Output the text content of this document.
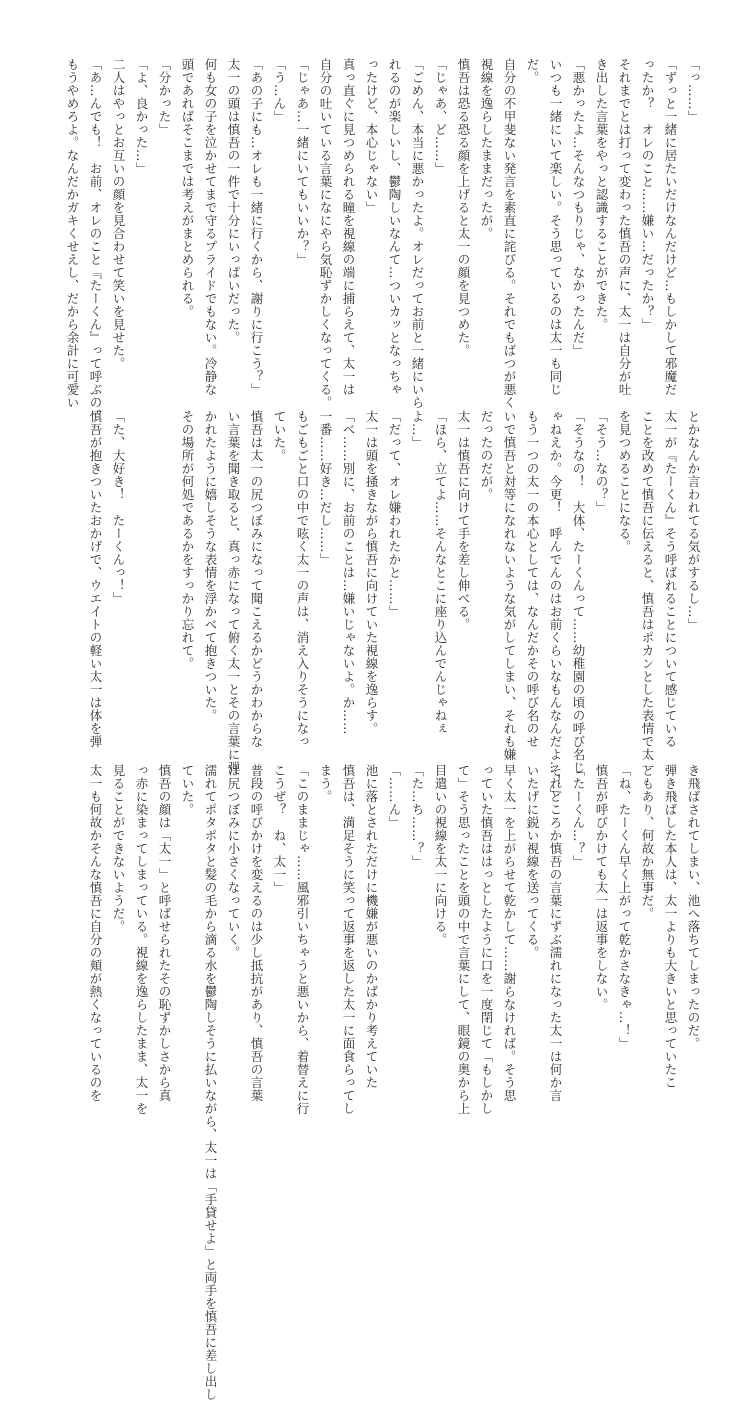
「っ……」
「ずっと一緒に居たいだけなんだけど…もしかして邪魔だ
ったか？　オレのこと……嫌い…だったか？」
それまでとは打って変わった慎吾の声に、太一は自分が吐
き出した言葉をやっと認識することができた。
「悪かったよ…そんなつもりじゃ、なかったんだ」
いつも一緒にいて楽しい。そう思っているのは太一も同じ
だ。
自分の不甲斐ない発言を素直に詫びる。それでもばつが悪く
視線を逸らしたままだったが。
慎吾は恐る恐る顔を上げると太一の顔を見つめた。
「じゃあ、ど……」
「ごめん、本当に悪かったよ。オレだってお前と一緒にいら
れるのが楽しいし、鬱陶しいなんて…ついカッとなっちゃ
ったけど、本心じゃない」
真っ直ぐに見つめられる瞳を視線の端に捕らえて、太一は
自分の吐いている言葉になにやら気恥ずかしくなってくる。
「じゃあ…一緒にいてもいいか？」
「う…ん」
「あの子にも…オレも一緒に行くから、謝りに行こう？」
太一の頭は慎吾の一件で十分にいっぱいだった。
何も女の子を泣かせてまで守るプライドでもない。冷静な
頭であればそこまでは考えがまとめられる。
「分かった」
「よ、良かった…」
二人はやっとお互いの顔を見合わせて笑いを見せた。
「あ…んでも！　お前、オレのこと『たーくん』って呼ぶの、
もうやめろよ。なんだかガキくせえし、だから余計に可愛い
とかなんか言われてる気がするし…」
太一が『たーくん』そう呼ばれることについて感じている
ことを改めて慎吾に伝えると、慎吾はポカンとした表情で太一
を見つめることになる。
「そう…なの？」
「そうなの！　大体、たーくんって……幼稚園の頃の呼び名じ
ゃねえか。今更！　呼んでんのはお前くらいなもんなんだよ…！」
もう一つの太一の本心としては、なんだかその呼び名のせ
いで慎吾と対等になれないような気がしてしまい、それも嫌
だったのだが。
太一は慎吾に向けて手を差し伸べる。
「ほら、立てよ……そんなとこに座り込んでんじゃねぇ
よ…」
「だって、オレ嫌われたかと……」
太一は頭を掻きながら慎吾に向けていた視線を逸らす。
「べ……別に、お前のことは…嫌いじゃないよ。か……
一番……好き…だし……」
もごもごと口の中で呟く太一の声は、消え入りそうになっ
ていた。
慎吾は太一の尻つぼみになって聞こえるかどうかわからな
い言葉を聞き取ると、真っ赤になって俯く太一とその言葉に弾
かれたように嬉しそうな表情を浮かべて抱きついた。
その場所が何処であるかをすっかり忘れて。
「た、大好き！　たーくんっ！」
慎吾が抱きついたおかげで、ウエイトの軽い太一は体を弾
き飛ばされてしまい、池へ落ちてしまったのだ。
弾き飛ばした本人は、太一よりも大きいと思っていたこ
ともあり、何故か無事だ。
「ね、たーくん早く上がって乾かさなきゃ…！」
慎吾が呼びかけても太一は返事をしない。
「たーくん…？」
それどころか慎吾の言葉にずぶ濡れになった太一は何か言
いたげに鋭い視線を送ってくる。
早く太一を上がらせて乾かして……謝らなければ。そう思
っていた慎吾ははっとしたように口を一度閉じて「もしかし
て」そう思ったことを頭の中で言葉にして、眼鏡の奥から上
目遣いの視線を太一に向ける。
「た…ち……？」
「……ん」
池に落とされただけに機嫌が悪いのかばかり考えていた
慎吾は、満足そうに笑って返事を返した太一に面食らってし
まう。
「このままじゃ……風邪引いちゃうと悪いから、着替えに行
こうぜ？　ね、太一」
普段の呼びかけを変えるのは少し抵抗があり、慎吾の言葉
は尻つぼみに小さくなっていく。
濡れてポタポタと髪の毛から滴る水を鬱陶しそうに払いながら、太一は「手貸せよ」と両手を慎吾に差し出し
ていた。
慎吾の顔は「太一」と呼ばせられたその恥ずかしさから真
っ赤に染まってしまっている。視線を逸らしたまま、太一を
見ることができないようだ。
太一も何故かそんな慎吾に自分の頬が熱くなっているのを
